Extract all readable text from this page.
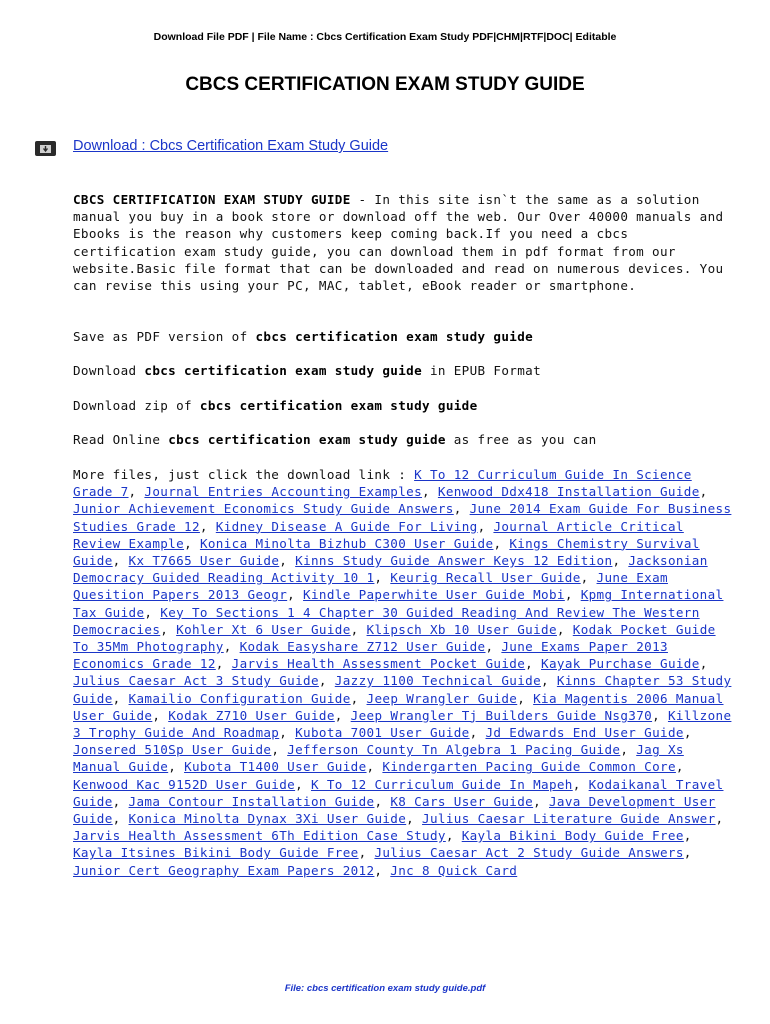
Download File PDF | File Name : Cbcs Certification Exam Study PDF|CHM|RTF|DOC| Editable
CBCS CERTIFICATION EXAM STUDY GUIDE
Download : Cbcs Certification Exam Study Guide
CBCS CERTIFICATION EXAM STUDY GUIDE - In this site isn`t the same as a solution manual you buy in a book store or download off the web. Our Over 40000 manuals and Ebooks is the reason why customers keep coming back.If you need a cbcs certification exam study guide, you can download them in pdf format from our website.Basic file format that can be downloaded and read on numerous devices. You can revise this using your PC, MAC, tablet, eBook reader or smartphone.
Save as PDF version of cbcs certification exam study guide
Download cbcs certification exam study guide in EPUB Format
Download zip of cbcs certification exam study guide
Read Online cbcs certification exam study guide as free as you can
More files, just click the download link : K To 12 Curriculum Guide In Science Grade 7, Journal Entries Accounting Examples, Kenwood Ddx418 Installation Guide, Junior Achievement Economics Study Guide Answers, June 2014 Exam Guide For Business Studies Grade 12, Kidney Disease A Guide For Living, Journal Article Critical Review Example, Konica Minolta Bizhub C300 User Guide, Kings Chemistry Survival Guide, Kx T7665 User Guide, Kinns Study Guide Answer Keys 12 Edition, Jacksonian Democracy Guided Reading Activity 10 1, Keurig Recall User Guide, June Exam Quesition Papers 2013 Geogr, Kindle Paperwhite User Guide Mobi, Kpmg International Tax Guide, Key To Sections 1 4 Chapter 30 Guided Reading And Review The Western Democracies, Kohler Xt 6 User Guide, Klipsch Xb 10 User Guide, Kodak Pocket Guide To 35Mm Photography, Kodak Easyshare Z712 User Guide, June Exams Paper 2013 Economics Grade 12, Jarvis Health Assessment Pocket Guide, Kayak Purchase Guide, Julius Caesar Act 3 Study Guide, Jazzy 1100 Technical Guide, Kinns Chapter 53 Study Guide, Kamailio Configuration Guide, Jeep Wrangler Guide, Kia Magentis 2006 Manual User Guide, Kodak Z710 User Guide, Jeep Wrangler Tj Builders Guide Nsg370, Killzone 3 Trophy Guide And Roadmap, Kubota 7001 User Guide, Jd Edwards End User Guide, Jonsered 510Sp User Guide, Jefferson County Tn Algebra 1 Pacing Guide, Jag Xs Manual Guide, Kubota T1400 User Guide, Kindergarten Pacing Guide Common Core, Kenwood Kac 9152D User Guide, K To 12 Curriculum Guide In Mapeh, Kodaikanal Travel Guide, Jama Contour Installation Guide, K8 Cars User Guide, Java Development User Guide, Konica Minolta Dynax 3Xi User Guide, Julius Caesar Literature Guide Answer, Jarvis Health Assessment 6Th Edition Case Study, Kayla Bikini Body Guide Free, Kayla Itsines Bikini Body Guide Free, Julius Caesar Act 2 Study Guide Answers, Junior Cert Geography Exam Papers 2012, Jnc 8 Quick Card
File: cbcs certification exam study guide.pdf
